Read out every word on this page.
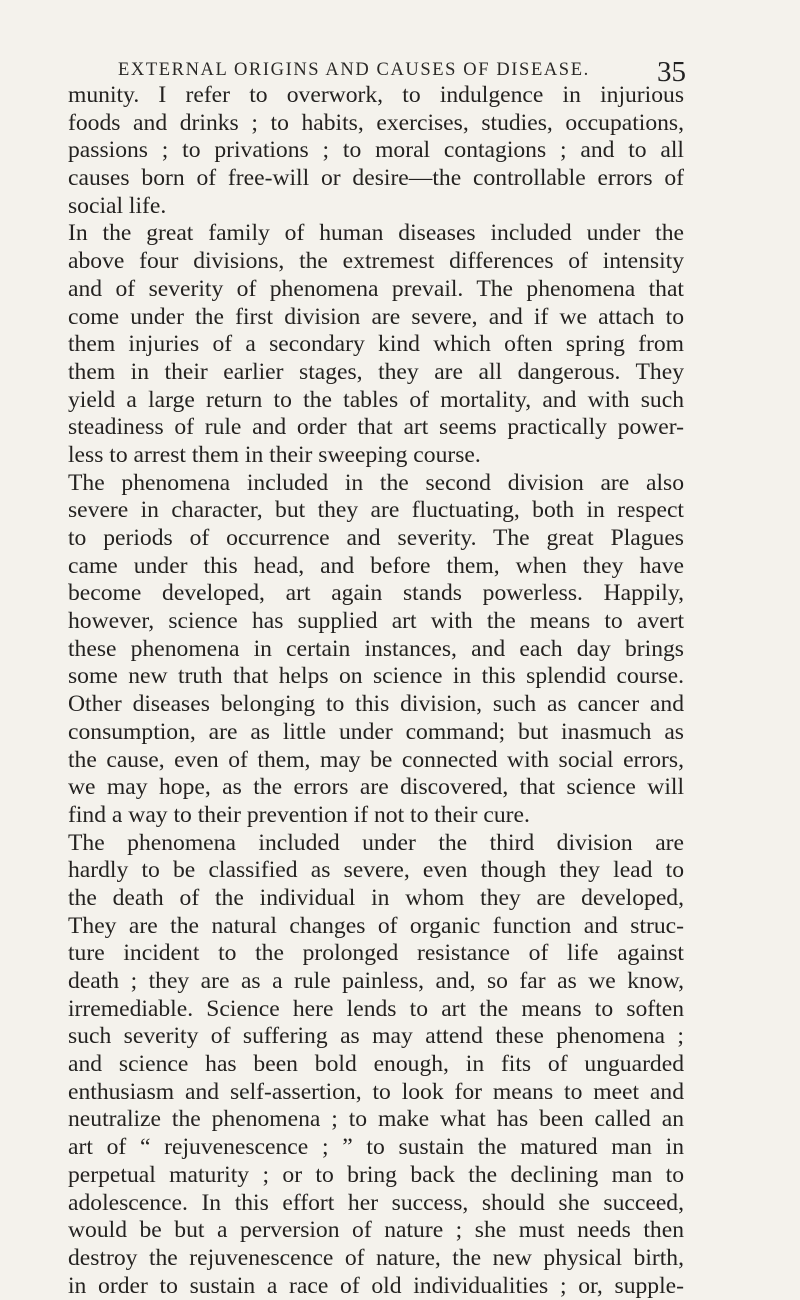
EXTERNAL ORIGINS AND CAUSES OF DISEASE. 35
munity. I refer to overwork, to indulgence in injurious
foods and drinks ; to habits, exercises, studies, occupations,
passions ; to privations ; to moral contagions ; and to all
causes born of free-will or desire—the controllable errors of
social life.
In the great family of human diseases included under the
above four divisions, the extremest differences of intensity
and of severity of phenomena prevail. The phenomena that
come under the first division are severe, and if we attach to
them injuries of a secondary kind which often spring from
them in their earlier stages, they are all dangerous. They
yield a large return to the tables of mortality, and with such
steadiness of rule and order that art seems practically power-
less to arrest them in their sweeping course.
The phenomena included in the second division are also
severe in character, but they are fluctuating, both in respect
to periods of occurrence and severity. The great Plagues
came under this head, and before them, when they have
become developed, art again stands powerless. Happily,
however, science has supplied art with the means to avert
these phenomena in certain instances, and each day brings
some new truth that helps on science in this splendid course.
Other diseases belonging to this division, such as cancer and
consumption, are as little under command; but inasmuch as
the cause, even of them, may be connected with social errors,
we may hope, as the errors are discovered, that science will
find a way to their prevention if not to their cure.
The phenomena included under the third division are
hardly to be classified as severe, even though they lead to
the death of the individual in whom they are developed,
They are the natural changes of organic function and struc-
ture incident to the prolonged resistance of life against
death ; they are as a rule painless, and, so far as we know,
irremediable. Science here lends to art the means to soften
such severity of suffering as may attend these phenomena ;
and science has been bold enough, in fits of unguarded
enthusiasm and self-assertion, to look for means to meet and
neutralize the phenomena ; to make what has been called an
art of “ rejuvenescence ; ” to sustain the matured man in
perpetual maturity ; or to bring back the declining man to
adolescence. In this effort her success, should she succeed,
would be but a perversion of nature ; she must needs then
destroy the rejuvenescence of nature, the new physical birth,
in order to sustain a race of old individualities ; or, supple-
